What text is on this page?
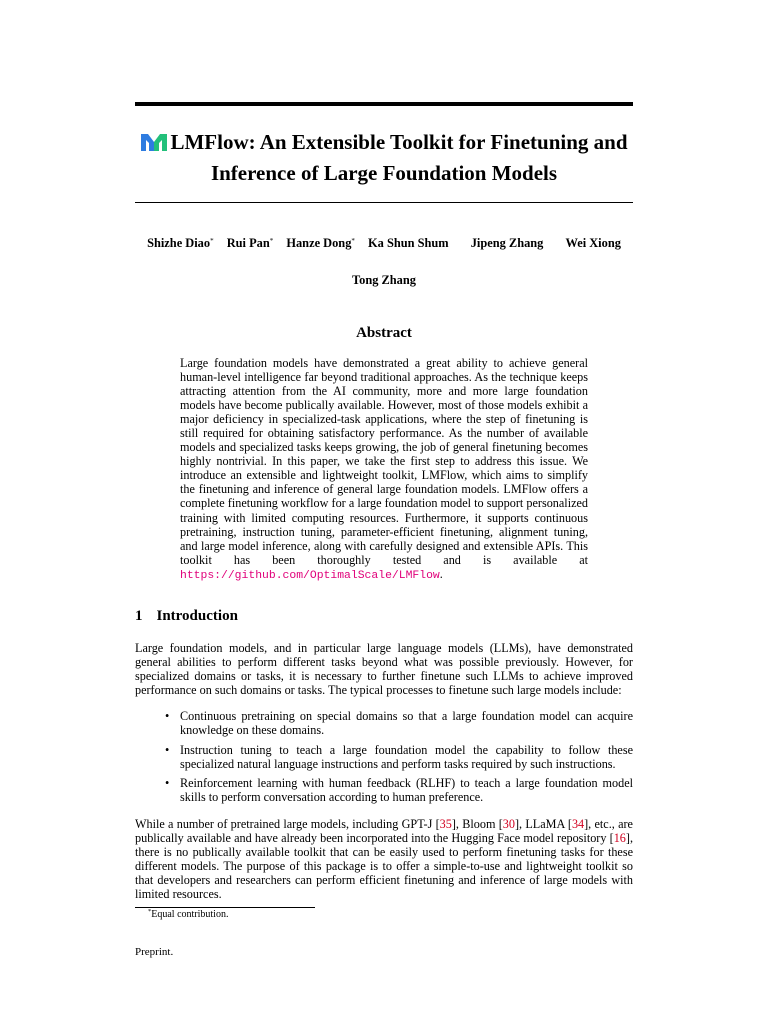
LMFlow: An Extensible Toolkit for Finetuning and
Inference of Large Foundation Models
Shizhe Diao* Rui Pan* Hanze Dong* Ka Shun Shum Jipeng Zhang Wei Xiong
Tong Zhang
Abstract
Large foundation models have demonstrated a great ability to achieve general human-level intelligence far beyond traditional approaches. As the technique keeps attracting attention from the AI community, more and more large foundation models have become publically available. However, most of those models exhibit a major deficiency in specialized-task applications, where the step of finetuning is still required for obtaining satisfactory performance. As the number of available models and specialized tasks keeps growing, the job of general finetuning becomes highly nontrivial. In this paper, we take the first step to address this issue. We introduce an extensible and lightweight toolkit, LMFlow, which aims to simplify the finetuning and inference of general large foundation models. LMFlow offers a complete finetuning workflow for a large foundation model to support personalized training with limited computing resources. Furthermore, it supports continuous pretraining, instruction tuning, parameter-efficient finetuning, alignment tuning, and large model inference, along with carefully designed and extensible APIs. This toolkit has been thoroughly tested and is available at https://github.com/OptimalScale/LMFlow.
1 Introduction
Large foundation models, and in particular large language models (LLMs), have demonstrated general abilities to perform different tasks beyond what was possible previously. However, for specialized domains or tasks, it is necessary to further finetune such LLMs to achieve improved performance on such domains or tasks. The typical processes to finetune such large models include:
• Continuous pretraining on special domains so that a large foundation model can acquire knowledge on these domains.
• Instruction tuning to teach a large foundation model the capability to follow these specialized natural language instructions and perform tasks required by such instructions.
• Reinforcement learning with human feedback (RLHF) to teach a large foundation model skills to perform conversation according to human preference.
While a number of pretrained large models, including GPT-J [35], Bloom [30], LLaMA [34], etc., are publically available and have already been incorporated into the Hugging Face model repository [16], there is no publically available toolkit that can be easily used to perform finetuning tasks for these different models. The purpose of this package is to offer a simple-to-use and lightweight toolkit so that developers and researchers can perform efficient finetuning and inference of large models with limited resources.
*Equal contribution.
Preprint.
